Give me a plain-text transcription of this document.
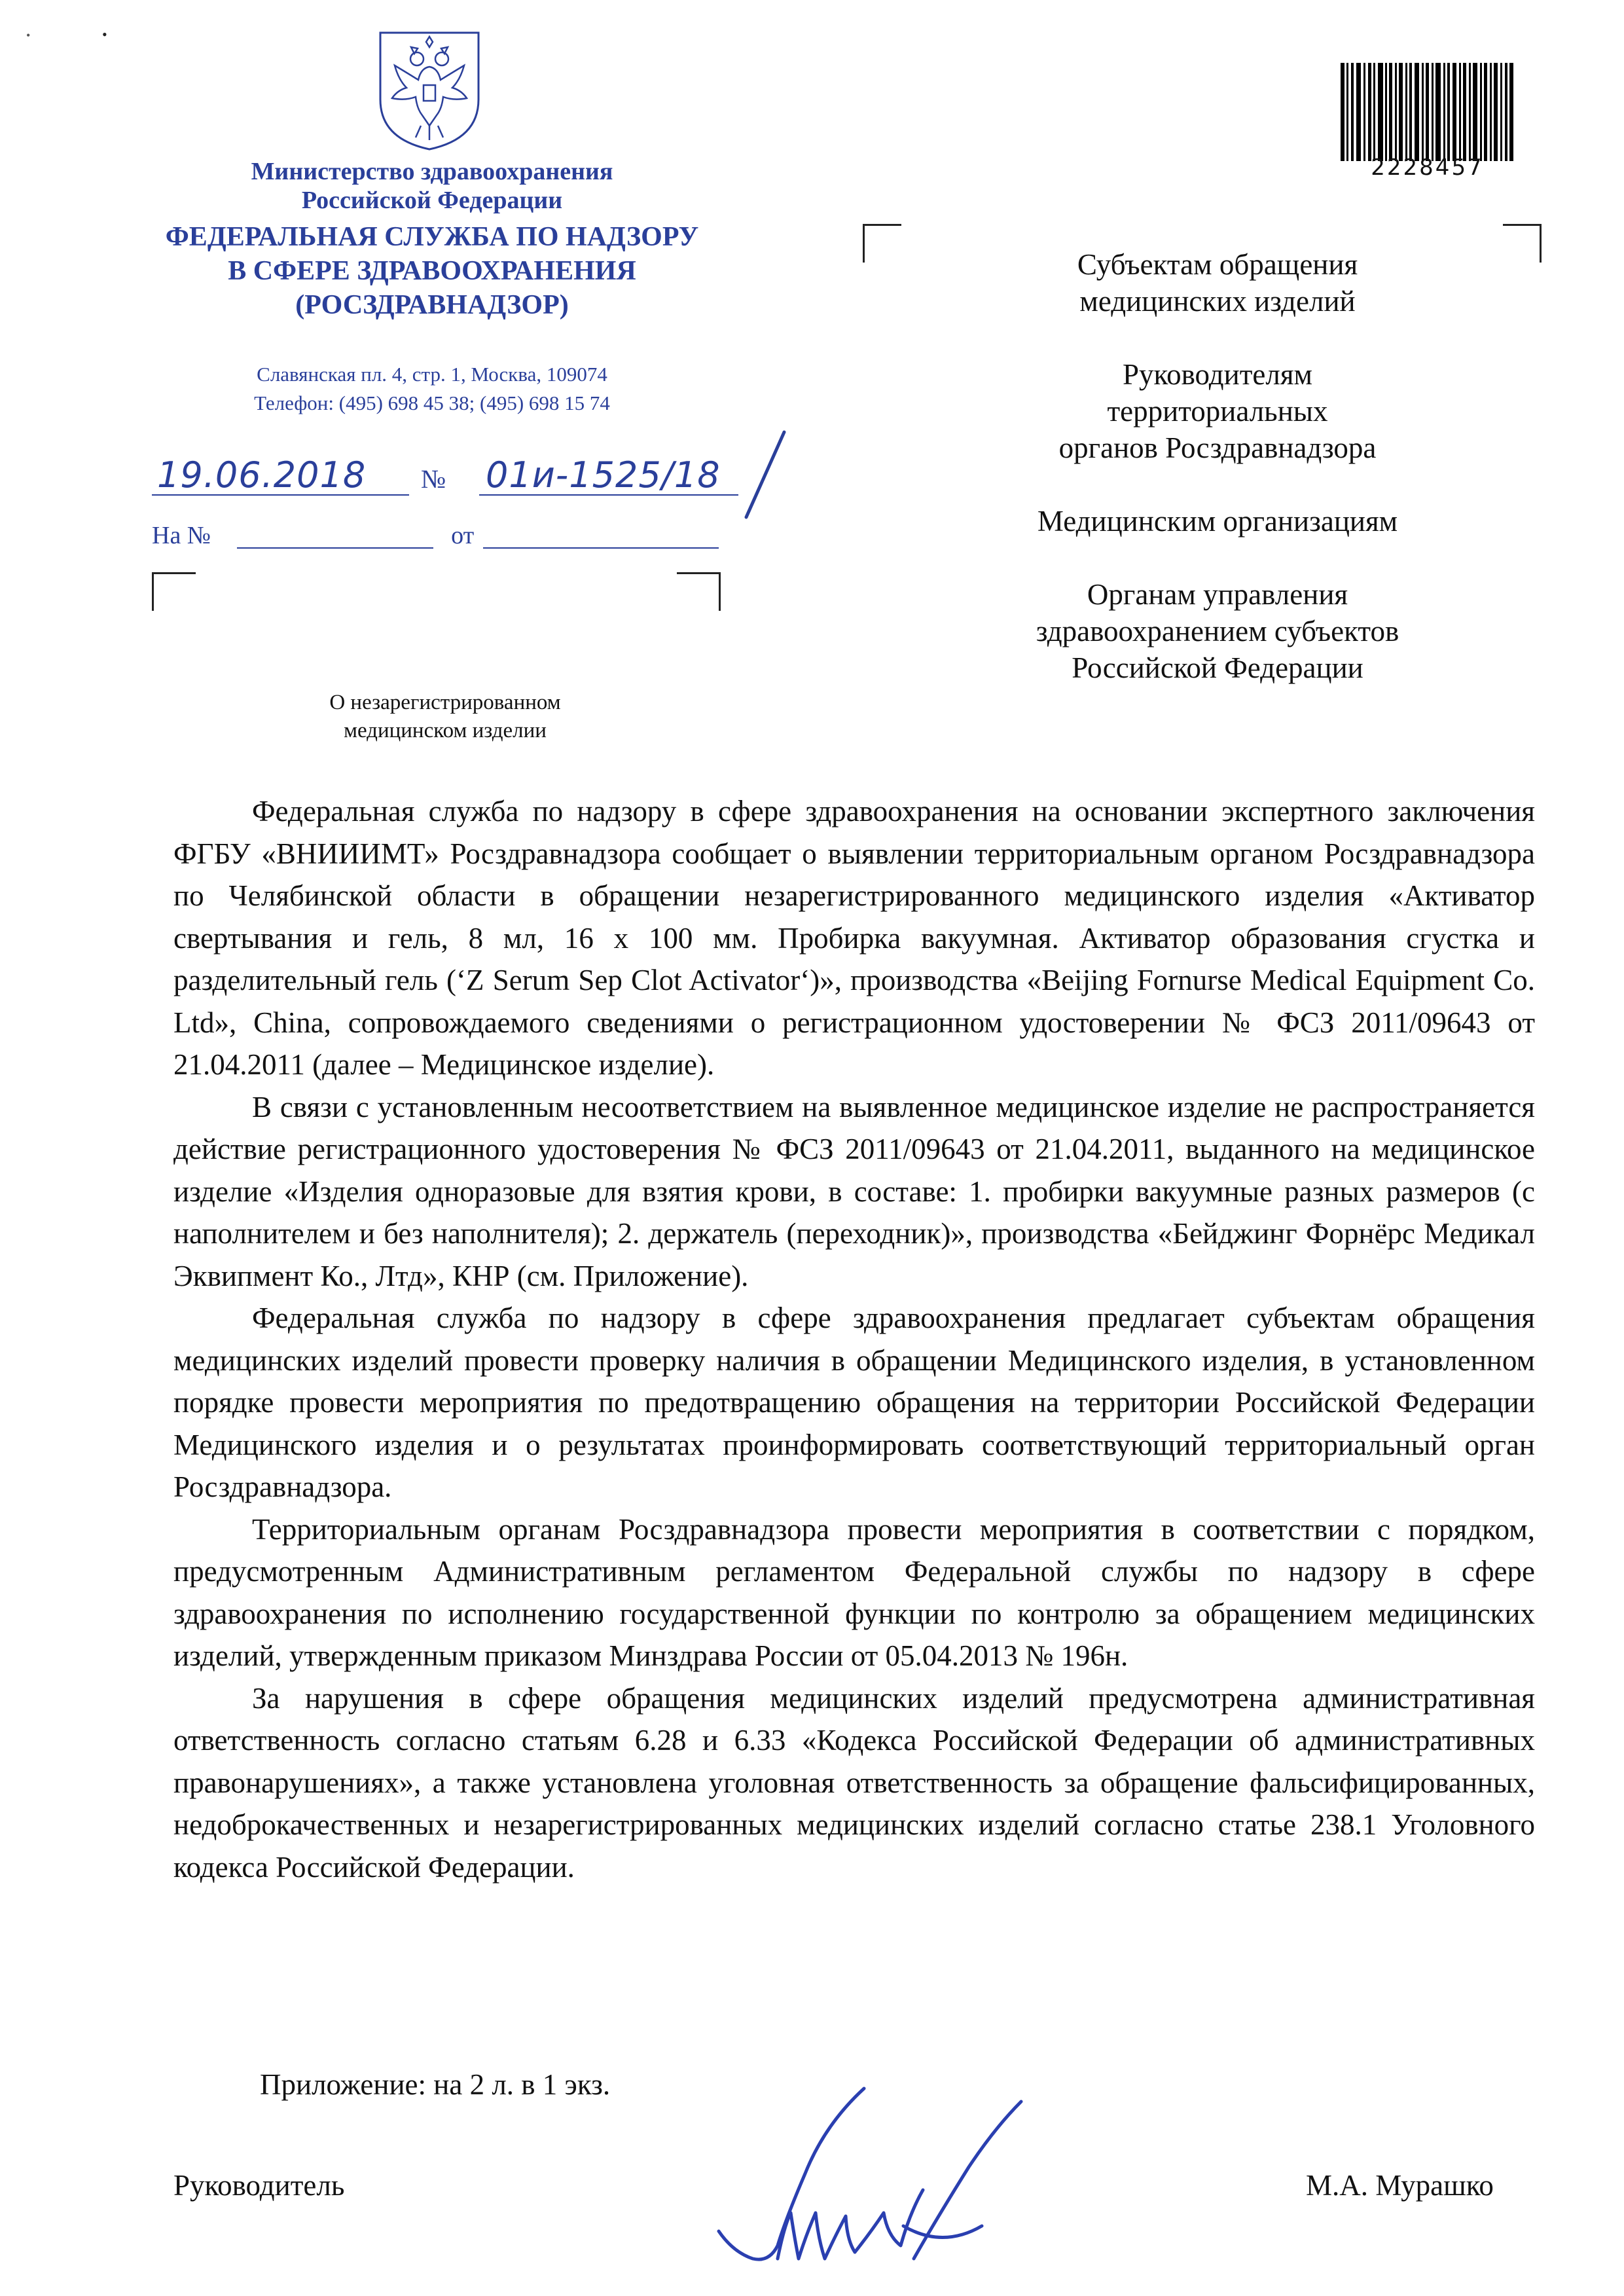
•	•
Министерство здравоохранения
Российской Федерации
ФЕДЕРАЛЬНАЯ СЛУЖБА ПО НАДЗОРУ
В СФЕРЕ ЗДРАВООХРАНЕНИЯ
(РОСЗДРАВНАДЗОР)
Славянская пл. 4, стр. 1, Москва, 109074
Телефон: (495) 698 45 38; (495) 698 15 74
19.06.2018 № 01и-1525/18
На №	от
О незарегистрированном
медицинском изделии
2228457

Субъектам обращения
медицинских изделий

Руководителям
территориальных
органов Росздравнадзора

Медицинским организациям

Органам управления
здравоохранением субъектов
Российской Федерации

Федеральная служба по надзору в сфере здравоохранения на основании экспертного заключения ФГБУ «ВНИИИМТ» Росздравнадзора сообщает о выявлении территориальным органом Росздравнадзора по Челябинской области в обращении незарегистрированного медицинского изделия «Активатор свертывания и гель, 8 мл, 16 х 100 мм. Пробирка вакуумная. Активатор образования сгустка и разделительный гель (‘Z Serum Sep Clot Activator‘)», производства «Beijing Fornurse Medical Equipment Co. Ltd», China, сопровождаемого сведениями о регистрационном удостоверении № ФСЗ 2011/09643 от 21.04.2011 (далее – Медицинское изделие).

В связи с установленным несоответствием на выявленное медицинское изделие не распространяется действие регистрационного удостоверения № ФСЗ 2011/09643 от 21.04.2011, выданного на медицинское изделие «Изделия одноразовые для взятия крови, в составе: 1. пробирки вакуумные разных размеров (с наполнителем и без наполнителя); 2. держатель (переходник)», производства «Бейджинг Форнёрс Медикал Эквипмент Ко., Лтд», КНР (см. Приложение).

Федеральная служба по надзору в сфере здравоохранения предлагает субъектам обращения медицинских изделий провести проверку наличия в обращении Медицинского изделия, в установленном порядке провести мероприятия по предотвращению обращения на территории Российской Федерации Медицинского изделия и о результатах проинформировать соответствующий территориальный орган Росздравнадзора.

Территориальным органам Росздравнадзора провести мероприятия в соответствии с порядком, предусмотренным Административным регламентом Федеральной службы по надзору в сфере здравоохранения по исполнению государственной функции по контролю за обращением медицинских изделий, утвержденным приказом Минздрава России от 05.04.2013 № 196н.

За нарушения в сфере обращения медицинских изделий предусмотрена административная ответственность согласно статьям 6.28 и 6.33 «Кодекса Российской Федерации об административных правонарушениях», а также установлена уголовная ответственность за обращение фальсифицированных, недоброкачественных и незарегистрированных медицинских изделий согласно статье 238.1 Уголовного кодекса Российской Федерации.

Приложение: на 2 л. в 1 экз.
Руководитель	М.А. Мурашко
